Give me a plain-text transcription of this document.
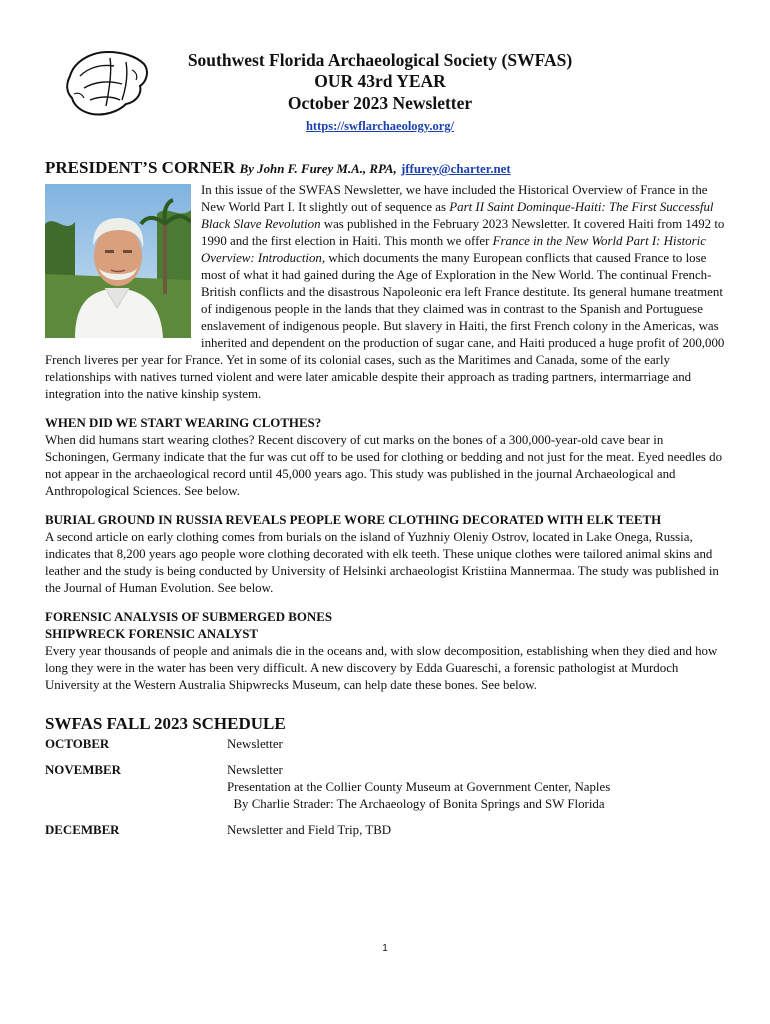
Southwest Florida Archaeological Society (SWFAS)
OUR 43rd YEAR
October 2023 Newsletter
https://swflarchaeology.org/
PRESIDENT’S CORNER By John F. Furey M.A., RPA, jffurey@charter.net

In this issue of the SWFAS Newsletter, we have included the Historical Overview of France in the New World Part I. It slightly out of sequence as Part II Saint Dominque-Haiti: The First Successful Black Slave Revolution was published in the February 2023 Newsletter. It covered Haiti from 1492 to 1990 and the first election in Haiti. This month we offer France in the New World Part I: Historic Overview: Introduction, which documents the many European conflicts that caused France to lose most of what it had gained during the Age of Exploration in the New World. The continual French-British conflicts and the disastrous Napoleonic era left France destitute. Its general humane treatment of indigenous people in the lands that they claimed was in contrast to the Spanish and Portuguese enslavement of indigenous people. But slavery in Haiti, the first French colony in the Americas, was inherited and dependent on the production of sugar cane, and Haiti produced a huge profit of 200,000 French liveres per year for France. Yet in some of its colonial cases, such as the Maritimes and Canada, some of the early relationships with natives turned violent and were later amicable despite their approach as trading partners, intermarriage and integration into the native kinship system.

WHEN DID WE START WEARING CLOTHES?

When did humans start wearing clothes? Recent discovery of cut marks on the bones of a 300,000-year-old cave bear in Schoningen, Germany indicate that the fur was cut off to be used for clothing or bedding and not just for the meat. Eyed needles do not appear in the archaeological record until 45,000 years ago. This study was published in the journal Archaeological and Anthropological Sciences. See below.

BURIAL GROUND IN RUSSIA REVEALS PEOPLE WORE CLOTHING DECORATED WITH ELK TEETH

A second article on early clothing comes from burials on the island of Yuzhniy Oleniy Ostrov, located in Lake Onega, Russia, indicates that 8,200 years ago people wore clothing decorated with elk teeth. These unique clothes were tailored animal skins and leather and the study is being conducted by University of Helsinki archaeologist Kristiina Mannermaa. The study was published in the Journal of Human Evolution. See below.

FORENSIC ANALYSIS OF SUBMERGED BONES
SHIPWRECK FORENSIC ANALYST

Every year thousands of people and animals die in the oceans and, with slow decomposition, establishing when they died and how long they were in the water has been very difficult. A new discovery by Edda Guareschi, a forensic pathologist at Murdoch University at the Western Australia Shipwrecks Museum, can help date these bones. See below.

SWFAS FALL 2023 SCHEDULE
OCTOBER	Newsletter
NOVEMBER	Newsletter
Presentation at the Collier County Museum at Government Center, Naples
By Charlie Strader: The Archaeology of Bonita Springs and SW Florida
DECEMBER	Newsletter and Field Trip, TBD
1
